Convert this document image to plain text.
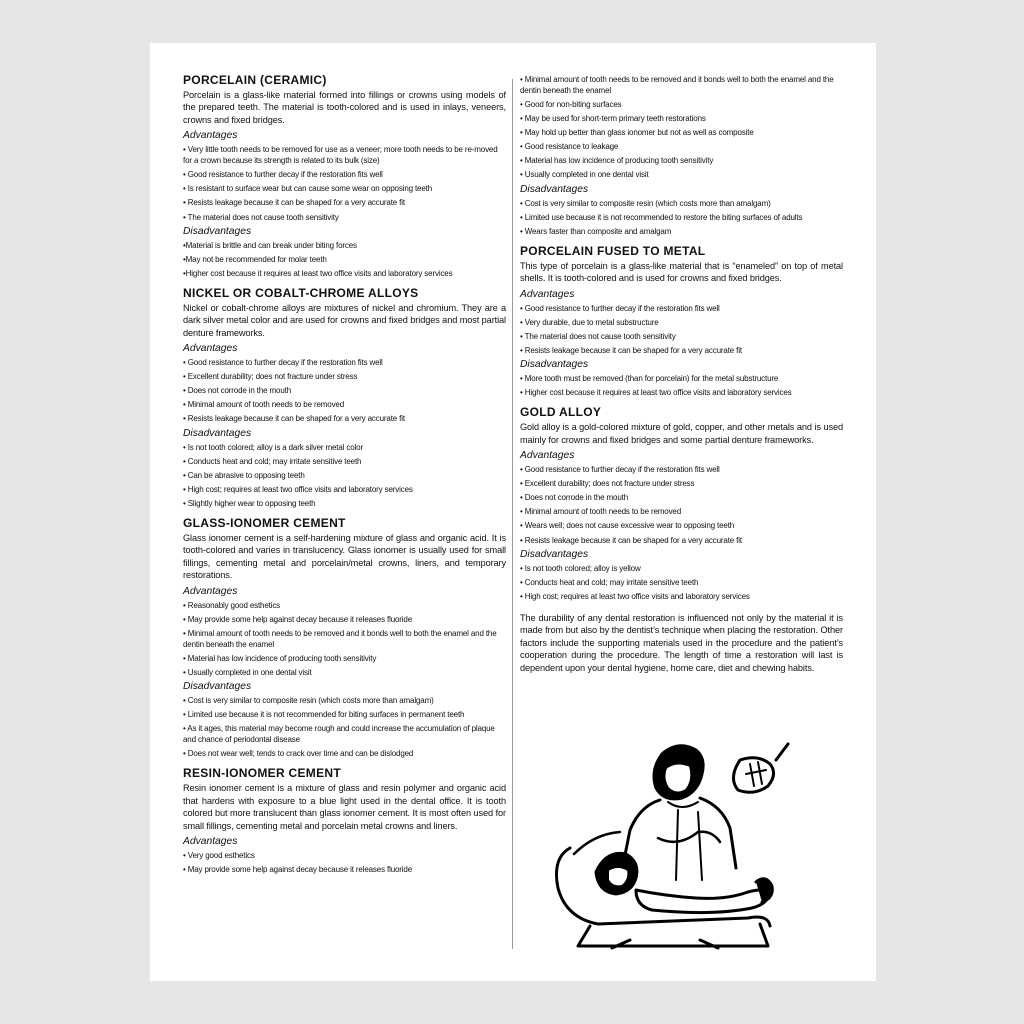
PORCELAIN (CERAMIC)
Porcelain is a glass-like material formed into fillings or crowns using models of the prepared teeth. The material is tooth-colored and is used in inlays, veneers, crowns and fixed bridges.
Advantages
• Very little tooth needs to be removed for use as a veneer; more tooth needs to be re-moved for a crown because its strength is related to its bulk (size)
• Good resistance to further decay if the restoration fits well
• Is resistant to surface wear but can cause some wear on opposing teeth
• Resists leakage because it can be shaped for a very accurate fit
• The material does not cause tooth sensitivity
Disadvantages
•Material is brittle and can break under biting forces
•May not be recommended for molar teeth
•Higher cost because it requires at least two office visits and laboratory services
NICKEL OR COBALT-CHROME ALLOYS
Nickel or cobalt-chrome alloys are mixtures of nickel and chromium. They are a dark silver metal color and are used for crowns and fixed bridges and most partial denture frameworks.
Advantages
• Good resistance to further decay if the restoration fits well
• Excellent durability; does not fracture under stress
• Does not corrode in the mouth
• Minimal amount of tooth needs to be removed
• Resists leakage because it can be shaped for a very accurate fit
Disadvantages
• Is not tooth colored; alloy is a dark silver metal color
• Conducts heat and cold; may irritate sensitive teeth
• Can be abrasive to opposing teeth
• High cost; requires at least two office visits and laboratory services
• Slightly higher wear to opposing teeth
GLASS-IONOMER CEMENT
Glass ionomer cement is a self-hardening mixture of glass and organic acid. It is tooth-colored and varies in translucency. Glass ionomer is usually used for small fillings, cementing metal and porcelain/metal crowns, liners, and temporary restorations.
Advantages
• Reasonably good esthetics
• May provide some help against decay because it releases fluoride
• Minimal amount of tooth needs to be removed and it bonds well to both the enamel and the dentin beneath the enamel
• Material has low incidence of producing tooth sensitivity
• Usually completed in one dental visit
Disadvantages
• Cost is very similar to composite resin (which costs more than amalgam)
• Limited use because it is not recommended for biting surfaces in permanent teeth
• As it ages, this material may become rough and could increase the accumulation of plaque and chance of periodontal disease
• Does not wear well; tends to crack over time and can be dislodged
RESIN-IONOMER CEMENT
Resin ionomer cement is a mixture of glass and resin polymer and organic acid that hardens with exposure to a blue light used in the dental office. It is tooth colored but more translucent than glass ionomer cement. It is most often used for small fillings, cementing metal and porcelain metal crowns and liners.
Advantages
• Very good esthetics
• May provide some help against decay because it releases fluoride
• Minimal amount of tooth needs to be removed and it bonds well to both the enamel and the dentin beneath the enamel
• Good for non-biting surfaces
• May be used for short-term primary teeth restorations
• May hold up better than glass ionomer but not as well as composite
• Good resistance to leakage
• Material has low incidence of producing tooth sensitivity
• Usually completed in one dental visit
Disadvantages
• Cost is very similar to composite resin (which costs more than amalgam)
• Limited use because it is not recommended to restore the biting surfaces of adults
• Wears faster than composite and amalgam
PORCELAIN FUSED TO METAL
This type of porcelain is a glass-like material that is “enameled” on top of metal shells. It is tooth-colored and is used for crowns and fixed bridges.
Advantages
• Good resistance to further decay if the restoration fits well
• Very durable, due to metal substructure
• The material does not cause tooth sensitivity
• Resists leakage because it can be shaped for a very accurate fit
Disadvantages
• More tooth must be removed (than for porcelain) for the metal substructure
• Higher cost because it requires at least two office visits and laboratory services
GOLD ALLOY
Gold alloy is a gold-colored mixture of gold, copper, and other metals and is used mainly for crowns and fixed bridges and some partial denture frameworks.
Advantages
• Good resistance to further decay if the restoration fits well
• Excellent durability; does not fracture under stress
• Does not corrode in the mouth
• Minimal amount of tooth needs to be removed
• Wears well; does not cause excessive wear to opposing teeth
• Resists leakage because it can be shaped for a very accurate fit
Disadvantages
• Is not tooth colored; alloy is yellow
• Conducts heat and cold; may irritate sensitive teeth
• High cost; requires at least two office visits and laboratory services
The durability of any dental restoration is influenced not only by the material it is made from but also by the dentist’s technique when placing the restoration. Other factors include the supporting materials used in the procedure and the patient’s cooperation during the procedure. The length of time a restoration will last is dependent upon your dental hygiene, home care, diet and chewing habits.
